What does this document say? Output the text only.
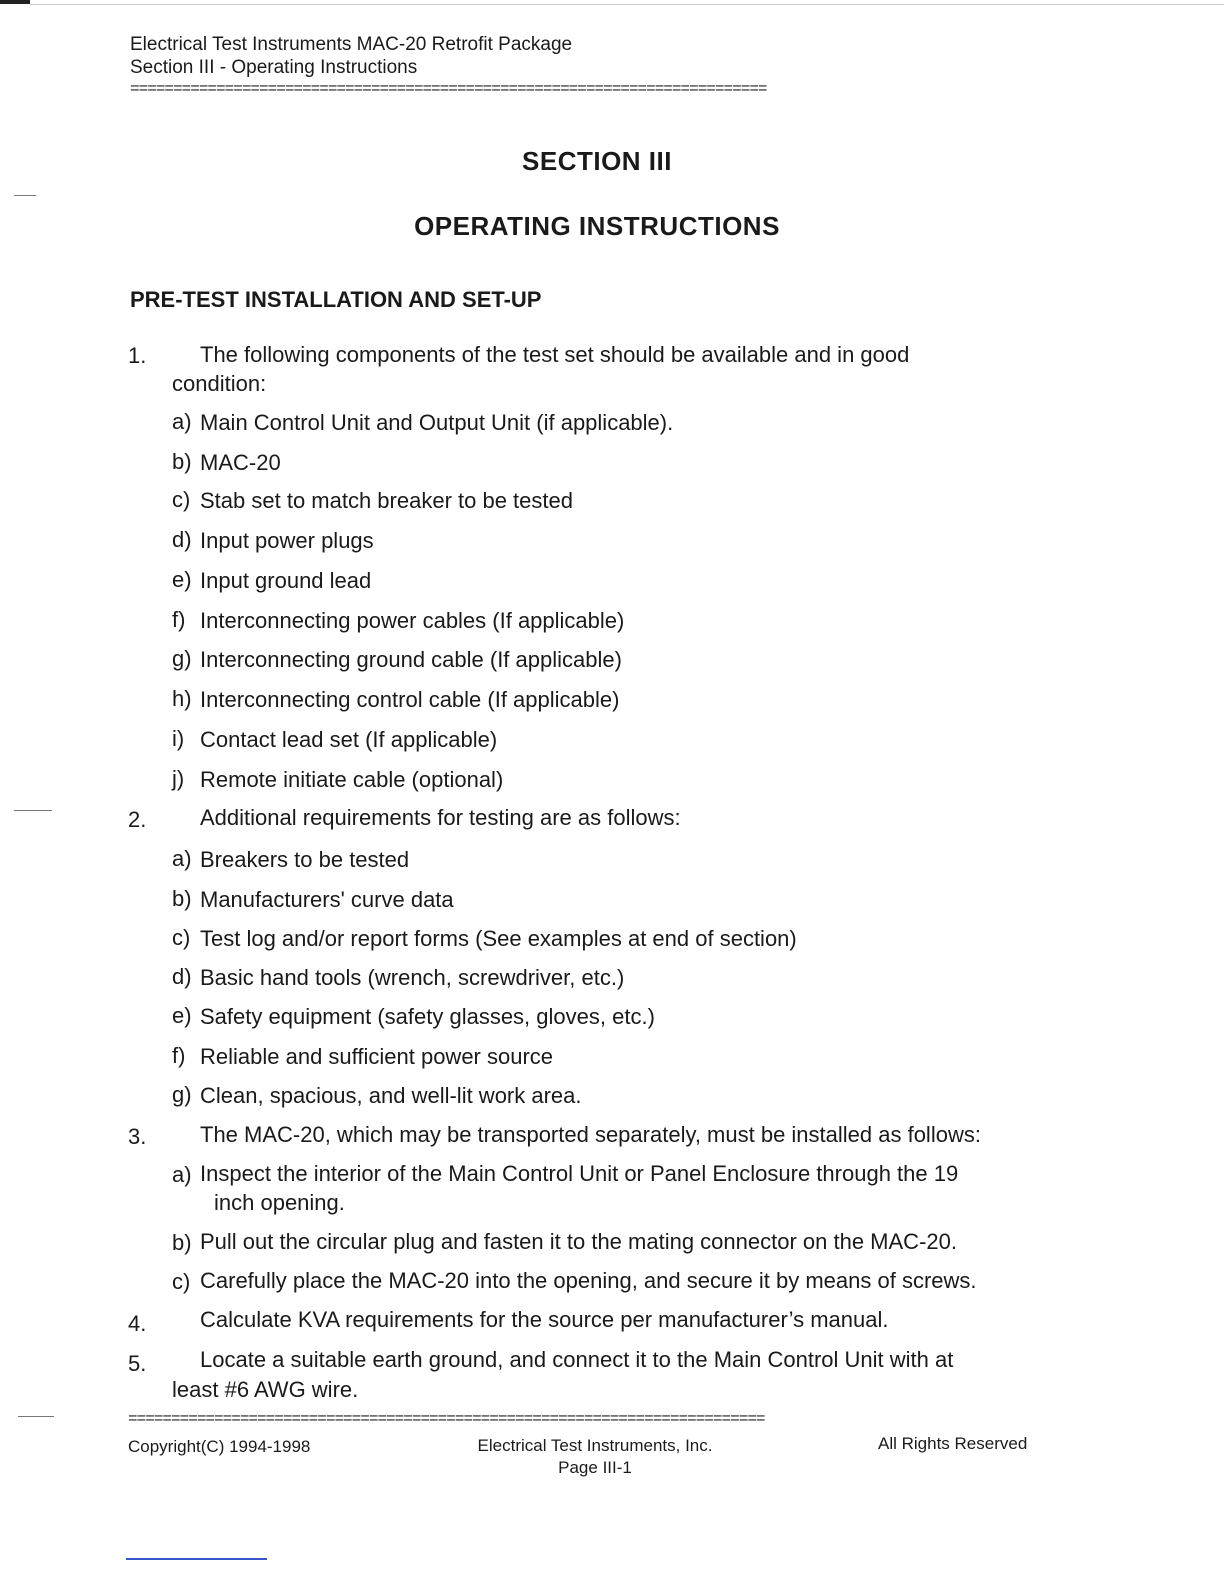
Electrical Test Instruments MAC-20 Retrofit Package
Section III - Operating Instructions
==========================================================================
SECTION III
OPERATING INSTRUCTIONS
PRE-TEST INSTALLATION AND SET-UP
1. The following components of the test set should be available and in good
condition:
a) Main Control Unit and Output Unit (if applicable).
b) MAC-20
c) Stab set to match breaker to be tested
d) Input power plugs
e) Input ground lead
f) Interconnecting power cables (If applicable)
g) Interconnecting ground cable (If applicable)
h) Interconnecting control cable (If applicable)
i) Contact lead set (If applicable)
j) Remote initiate cable (optional)
2. Additional requirements for testing are as follows:
a) Breakers to be tested
b) Manufacturers' curve data
c) Test log and/or report forms (See examples at end of section)
d) Basic hand tools (wrench, screwdriver, etc.)
e) Safety equipment (safety glasses, gloves, etc.)
f) Reliable and sufficient power source
g) Clean, spacious, and well-lit work area.
3. The MAC-20, which may be transported separately, must be installed as follows:
a) Inspect the interior of the Main Control Unit or Panel Enclosure through the 19
inch opening.
b) Pull out the circular plug and fasten it to the mating connector on the MAC-20.
c) Carefully place the MAC-20 into the opening, and secure it by means of screws.
4. Calculate KVA requirements for the source per manufacturer’s manual.
5. Locate a suitable earth ground, and connect it to the Main Control Unit with at
least #6 AWG wire.
==========================================================================
Copyright(C) 1994-1998	Electrical Test Instruments, Inc.
Page III-1
All Rights Reserved
